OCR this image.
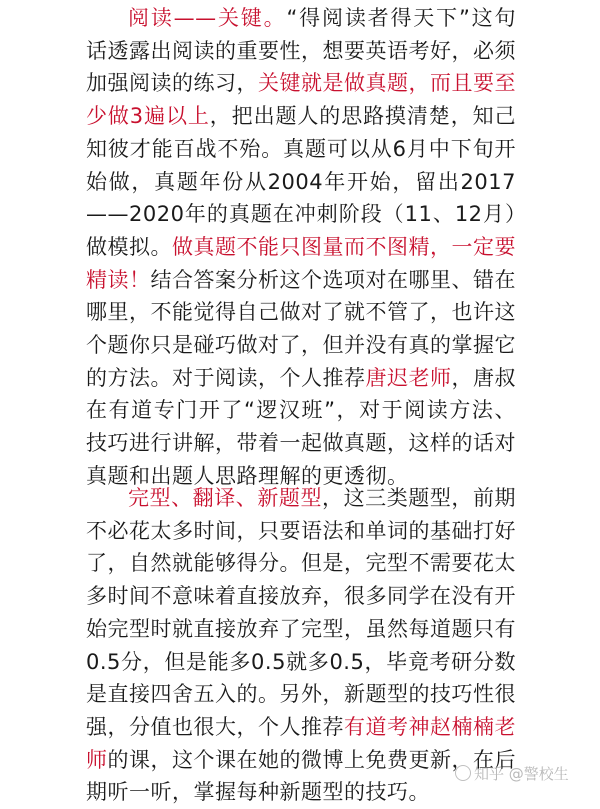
阅读——关键。“得阅读者得天下”这句话透露出阅读的重要性，想要英语考好，必须加强阅读的练习，关键就是做真题，而且要至少做3遍以上，把出题人的思路摸清楚，知己知彼才能百战不殆。真题可以从6月中下旬开始做，真题年份从2004年开始，留出2017——2020年的真题在冲刺阶段（11、12月）做模拟。做真题不能只图量而不图精，一定要精读！结合答案分析这个选项对在哪里、错在哪里，不能觉得自己做对了就不管了，也许这个题你只是碰巧做对了，但并没有真的掌握它的方法。对于阅读，个人推荐唐迟老师，唐叔在有道专门开了“逻汉班”，对于阅读方法、技巧进行讲解，带着一起做真题，这样的话对真题和出题人思路理解的更透彻。

完型、翻译、新题型，这三类题型，前期不必花太多时间，只要语法和单词的基础打好了，自然就能够得分。但是，完型不需要花太多时间不意味着直接放弃，很多同学在没有开始完型时就直接放弃了完型，虽然每道题只有0.5分，但是能多0.5就多0.5，毕竟考研分数是直接四舍五入的。另外，新题型的技巧性很强，分值也很大，个人推荐有道考神赵楠楠老师的课，这个课在她的微博上免费更新，在后期听一听，掌握每种新题型的技巧。

知乎 @警校生
